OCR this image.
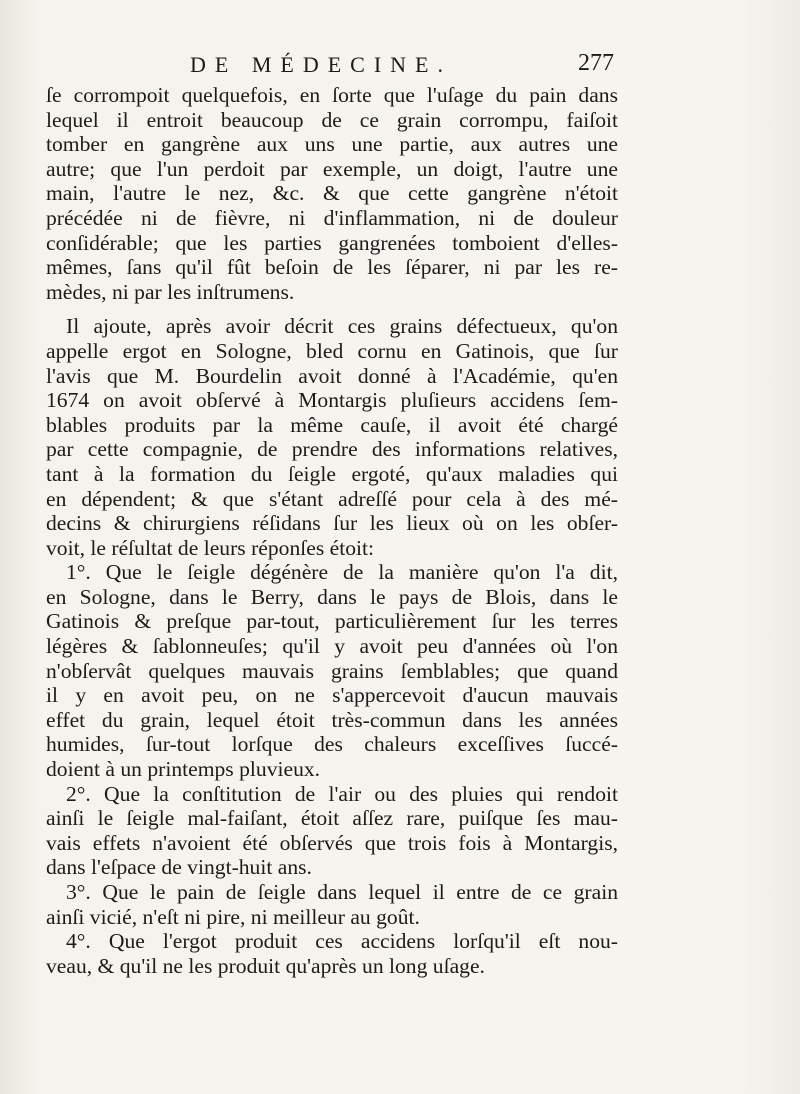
DE MÉDECINE.	277
ſe corrompoit quelquefois, en ſorte que l'uſage du pain dans
lequel il entroit beaucoup de ce grain corrompu, faiſoit
tomber en gangrène aux uns une partie, aux autres une
autre; que l'un perdoit par exemple, un doigt, l'autre une
main, l'autre le nez, &c. & que cette gangrène n'étoit
précédée ni de fièvre, ni d'inflammation, ni de douleur
conſidérable; que les parties gangrenées tomboient d'elles-
mêmes, ſans qu'il fût beſoin de les ſéparer, ni par les re-
mèdes, ni par les inſtrumens.
Il ajoute, après avoir décrit ces grains défectueux, qu'on
appelle ergot en Sologne, bled cornu en Gatinois, que ſur
l'avis que M. Bourdelin avoit donné à l'Académie, qu'en
1674 on avoit obſervé à Montargis pluſieurs accidens ſem-
blables produits par la même cauſe, il avoit été chargé
par cette compagnie, de prendre des informations relatives,
tant à la formation du ſeigle ergoté, qu'aux maladies qui
en dépendent; & que s'étant adreſſé pour cela à des mé-
decins & chirurgiens réſidans ſur les lieux où on les obſer-
voit, le réſultat de leurs réponſes étoit:
1°. Que le ſeigle dégénère de la manière qu'on l'a dit,
en Sologne, dans le Berry, dans le pays de Blois, dans le
Gatinois & preſque par-tout, particulièrement ſur les terres
légères & ſablonneuſes; qu'il y avoit peu d'années où l'on
n'obſervât quelques mauvais grains ſemblables; que quand
il y en avoit peu, on ne s'appercevoit d'aucun mauvais
effet du grain, lequel étoit très-commun dans les années
humides, ſur-tout lorſque des chaleurs exceſſives ſuccé-
doient à un printemps pluvieux.
2°. Que la conſtitution de l'air ou des pluies qui rendoit
ainſi le ſeigle mal-faiſant, étoit aſſez rare, puiſque ſes mau-
vais effets n'avoient été obſervés que trois fois à Montargis,
dans l'eſpace de vingt-huit ans.
3°. Que le pain de ſeigle dans lequel il entre de ce grain
ainſi vicié, n'eſt ni pire, ni meilleur au goût.
4°. Que l'ergot produit ces accidens lorſqu'il eſt nou-
veau, & qu'il ne les produit qu'après un long uſage.
